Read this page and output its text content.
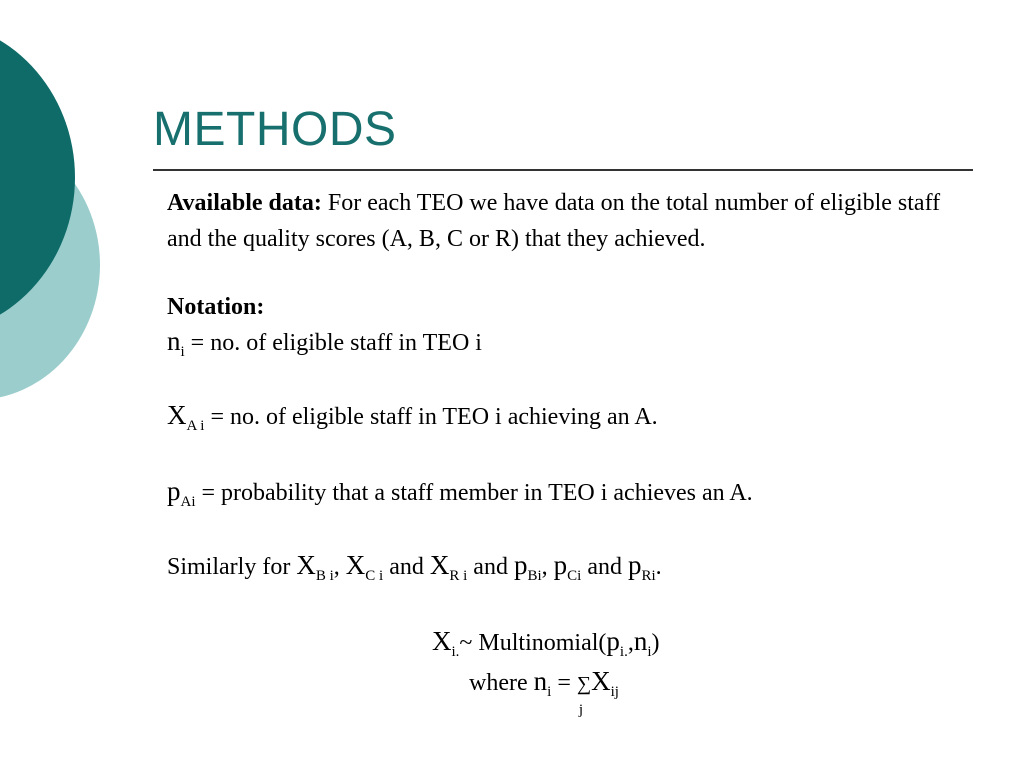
METHODS
Available data: For each TEO we have data on the total number of eligible staff and the quality scores (A, B, C or R) that they achieved.
Notation:
$n_i$ = no. of eligible staff in TEO i
$X_{A i}$ = no. of eligible staff in TEO i achieving an A.
$p_{Ai}$ = probability that a staff member in TEO i achieves an A.
Similarly for $X_{B i}$, $X_{C i}$ and $X_{R i}$ and $p_{Bi}$, $p_{Ci}$ and $p_{Ri}$.
$X_{i.}\sim$ $Multinomial(p_{i.},n_i)$
where $n_i$ = ∑
j
$X_{ij}$
